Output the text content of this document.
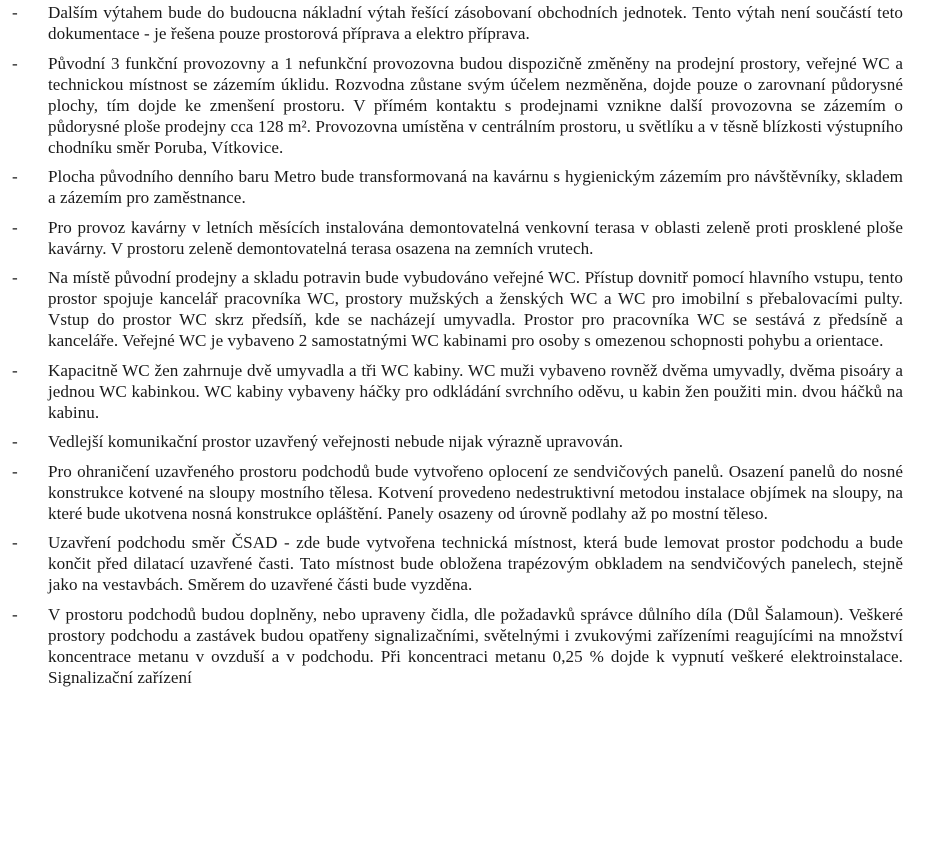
-	Dalším výtahem bude do budoucna nákladní výtah řešící zásobovaní obchodních jednotek. Tento výtah není součástí teto dokumentace - je řešena pouze prostorová příprava a elektro příprava.

-	Původní 3 funkční provozovny a 1 nefunkční provozovna budou dispozičně změněny na prodejní prostory, veřejné WC a technickou místnost se zázemím úklidu. Rozvodna zůstane svým účelem nezměněna, dojde pouze o zarovnaní půdorysné plochy, tím dojde ke zmenšení prostoru. V přímém kontaktu s prodejnami vznikne další provozovna se zázemím o půdorysné ploše prodejny cca 128 m². Provozovna umístěna v centrálním prostoru, u světlíku a v těsně blízkosti výstupního chodníku směr Poruba, Vítkovice.

-	Plocha původního denního baru Metro bude transformovaná na kavárnu s hygienickým zázemím pro návštěvníky, skladem a zázemím pro zaměstnance.

-	Pro provoz kavárny v letních měsících instalována demontovatelná venkovní terasa v oblasti zeleně proti prosklené ploše kavárny. V prostoru zeleně demontovatelná terasa osazena na zemních vrutech.

-	Na místě původní prodejny a skladu potravin bude vybudováno veřejné WC. Přístup dovnitř pomocí hlavního vstupu, tento prostor spojuje kancelář pracovníka WC, prostory mužských a ženských WC a WC pro imobilní s přebalovacími pulty. Vstup do prostor WC skrz předsíň, kde se nacházejí umyvadla. Prostor pro pracovníka WC se sestává z předsíně a kanceláře. Veřejné WC je vybaveno 2 samostatnými WC kabinami pro osoby s omezenou schopnosti pohybu a orientace.

-	Kapacitně WC žen zahrnuje dvě umyvadla a tři WC kabiny. WC muži vybaveno rovněž dvěma umyvadly, dvěma pisoáry a jednou WC kabinkou. WC kabiny vybaveny háčky pro odkládání svrchního oděvu, u kabin žen použiti min. dvou háčků na kabinu.

-	Vedlejší komunikační prostor uzavřený veřejnosti nebude nijak výrazně upravován.

-	Pro ohraničení uzavřeného prostoru podchodů bude vytvořeno oplocení ze sendvičových panelů. Osazení panelů do nosné konstrukce kotvené na sloupy mostního tělesa. Kotvení provedeno nedestruktivní metodou instalace objímek na sloupy, na které bude ukotvena nosná konstrukce opláštění. Panely osazeny od úrovně podlahy až po mostní těleso.

-	Uzavření podchodu směr ČSAD - zde bude vytvořena technická místnost, která bude lemovat prostor podchodu a bude končit před dilatací uzavřené časti. Tato místnost bude obložena trapézovým obkladem na sendvičových panelech, stejně jako na vestavbách. Směrem do uzavřené části bude vyzděna.

-	V prostoru podchodů budou doplněny, nebo upraveny čidla, dle požadavků správce důlního díla (Důl Šalamoun). Veškeré prostory podchodu a zastávek budou opatřeny signalizačními, světelnými i zvukovými zařízeními reagujícími na množství koncentrace metanu v ovzduší a v podchodu. Při koncentraci metanu 0,25 % dojde k vypnutí veškeré elektroinstalace. Signalizační zařízení
